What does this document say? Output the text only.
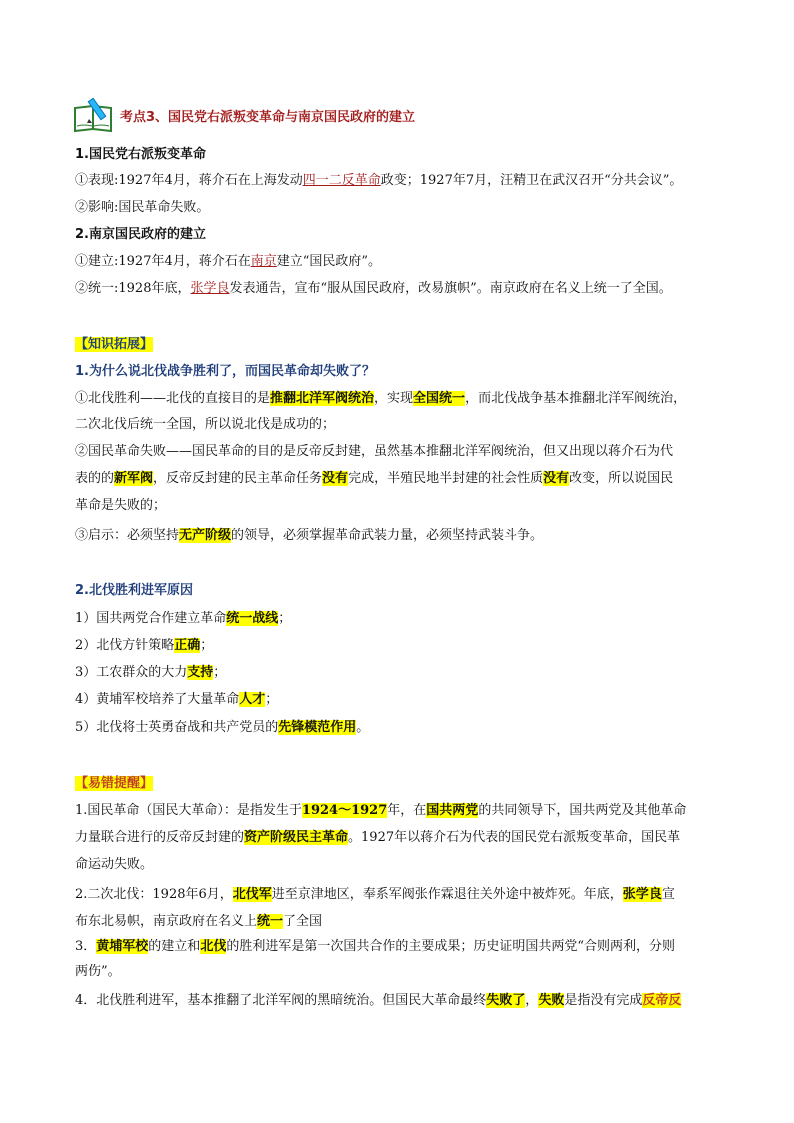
考点3、国民党右派叛变革命与南京国民政府的建立
1.国民党右派叛变革命
①表现:1927年4月，蒋介石在上海发动四一二反革命政变；1927年7月，汪精卫在武汉召开“分共会议”。
②影响:国民革命失败。
2.南京国民政府的建立
①建立:1927年4月，蒋介石在南京建立“国民政府”。
②统一:1928年底，张学良发表通告，宣布“服从国民政府，改易旗帜”。南京政府在名义上统一了全国。
【知识拓展】
1.为什么说北伐战争胜利了，而国民革命却失败了？
①北伐胜利——北伐的直接目的是推翻北洋军阀统治，实现全国统一，而北伐战争基本推翻北洋军阀统治，
二次北伐后统一全国，所以说北伐是成功的；
②国民革命失败——国民革命的目的是反帝反封建，虽然基本推翻北洋军阀统治，但又出现以蒋介石为代
表的的新军阀，反帝反封建的民主革命任务没有完成，半殖民地半封建的社会性质没有改变，所以说国民
革命是失败的；
③启示：必须坚持无产阶级的领导，必须掌握革命武装力量，必须坚持武装斗争。
2.北伐胜利进军原因
1）国共两党合作建立革命统一战线；
2）北伐方针策略正确；
3）工农群众的大力支持；
4）黄埔军校培养了大量革命人才；
5）北伐将士英勇奋战和共产党员的先锋模范作用。
【易错提醒】
1.国民革命（国民大革命）：是指发生于1924～1927年，在国共两党的共同领导下，国共两党及其他革命
力量联合进行的反帝反封建的资产阶级民主革命。1927年以蒋介石为代表的国民党右派叛变革命，国民革
命运动失败。
2.二次北伐：1928年6月，北伐军进至京津地区，奉系军阀张作霖退往关外途中被炸死。年底，张学良宣
布东北易帜，南京政府在名义上统一了全国
3．黄埔军校的建立和北伐的胜利进军是第一次国共合作的主要成果；历史证明国共两党“合则两利，分则
两伤”。
4．北伐胜利进军，基本推翻了北洋军阀的黑暗统治。但国民大革命最终失败了，失败是指没有完成反帝反
